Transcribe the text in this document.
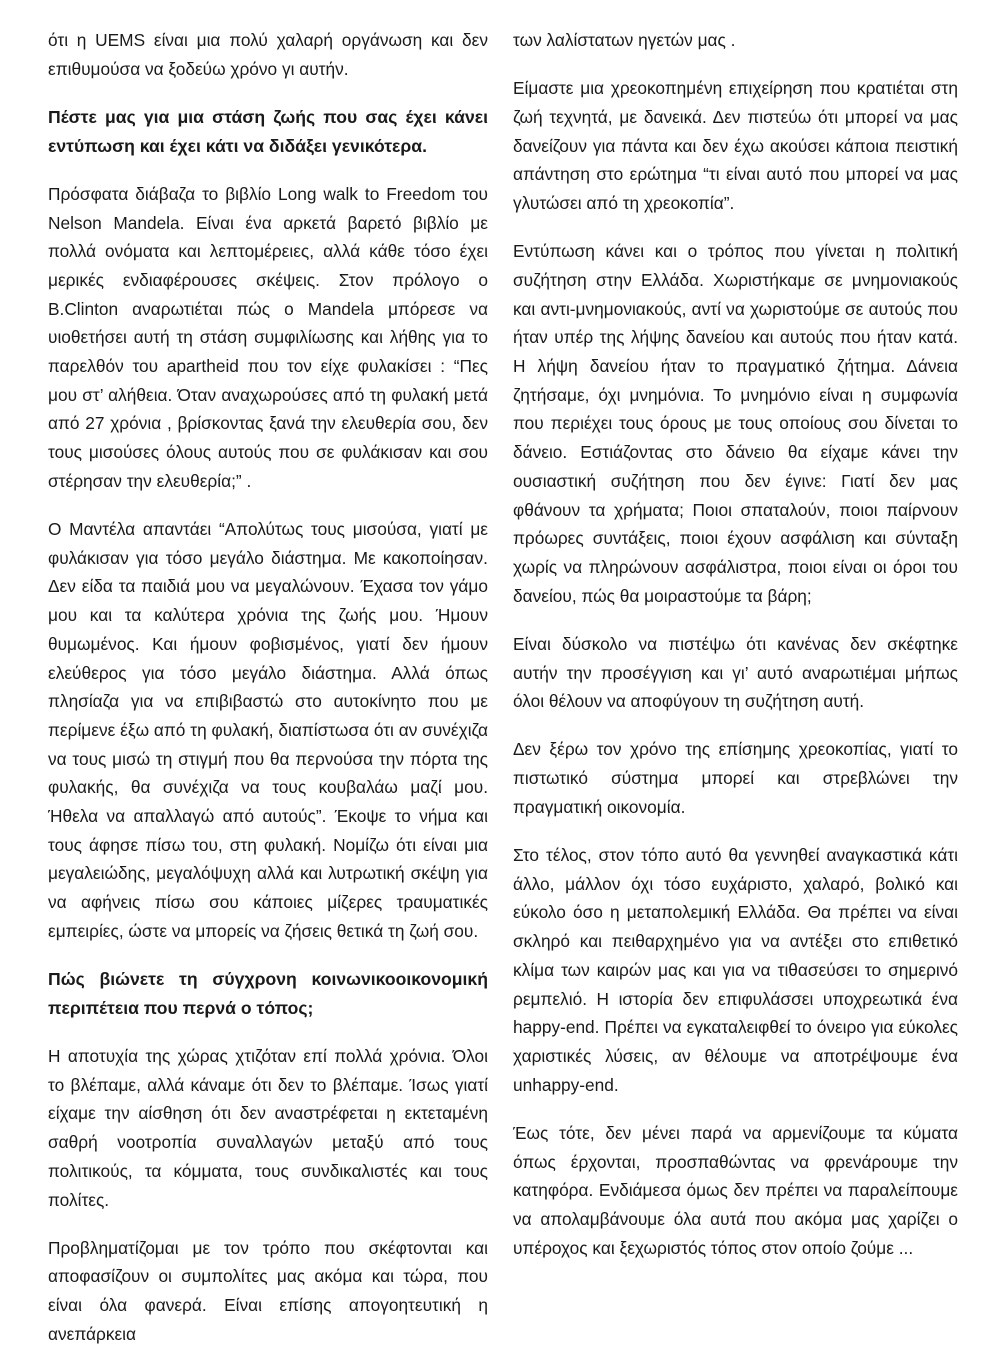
ότι η UEMS είναι μια πολύ χαλαρή οργάνωση και δεν επιθυμούσα να ξοδεύω χρόνο γι αυτήν.

Πέστε μας για μια στάση ζωής που σας έχει κάνει εντύπωση και έχει κάτι να διδάξει γενικότερα.

Πρόσφατα διάβαζα το βιβλίο Long walk to Freedom του Nelson Mandela. Είναι ένα αρκετά βαρετό βιβλίο με πολλά ονόματα και λεπτομέρειες, αλλά κάθε τόσο έχει μερικές ενδιαφέρουσες σκέψεις. Στον πρόλογο ο B.Clinton αναρωτιέται πώς ο Mandela μπόρεσε να υιοθετήσει αυτή τη στάση συμφιλίωσης και λήθης για το παρελθόν του apartheid που τον είχε φυλακίσει : “Πες μου στ’ αλήθεια. Όταν αναχωρούσες από τη φυλακή μετά από 27 χρόνια , βρίσκοντας ξανά την ελευθερία σου, δεν τους μισούσες όλους αυτούς που σε φυλάκισαν και σου στέρησαν την ελευθερία;” .

Ο Μαντέλα απαντάει “Απολύτως τους μισούσα, γιατί με φυλάκισαν για τόσο μεγάλο διάστημα. Με κακοποίησαν. Δεν είδα τα παιδιά μου να μεγαλώνουν. Έχασα τον γάμο μου και τα καλύτερα χρόνια της ζωής μου. Ήμουν θυμωμένος. Και ήμουν φοβισμένος, γιατί δεν ήμουν ελεύθερος για τόσο μεγάλο διάστημα. Αλλά όπως πλησίαζα για να επιβιβαστώ στο αυτοκίνητο που με περίμενε έξω από τη φυλακή, διαπίστωσα ότι αν συνέχιζα να τους μισώ τη στιγμή που θα περνούσα την πόρτα της φυλακής, θα συνέχιζα να τους κουβαλάω μαζί μου. Ήθελα να απαλλαγώ από αυτούς”. Έκοψε το νήμα και τους άφησε πίσω του, στη φυλακή. Νομίζω ότι είναι μια μεγαλειώδης, μεγαλόψυχη αλλά και λυτρωτική σκέψη για να αφήνεις πίσω σου κάποιες μίζερες τραυματικές εμπειρίες, ώστε να μπορείς να ζήσεις θετικά τη ζωή σου.

Πώς βιώνετε τη σύγχρονη κοινωνικοοικονομική περιπέτεια που περνά ο τόπος;

Η αποτυχία της χώρας χτιζόταν επί πολλά χρόνια. Όλοι το βλέπαμε, αλλά κάναμε ότι δεν το βλέπαμε. Ίσως γιατί είχαμε την αίσθηση ότι δεν αναστρέφεται η εκτεταμένη σαθρή νοοτροπία συναλλαγών μεταξύ από τους πολιτικούς, τα κόμματα, τους συνδικαλιστές και τους πολίτες.

Προβληματίζομαι με τον τρόπο που σκέφτονται και αποφασίζουν οι συμπολίτες μας ακόμα και τώρα, που είναι όλα φανερά. Είναι επίσης απογοητευτική η ανεπάρκεια

των λαλίστατων ηγετών μας .

Είμαστε μια χρεοκοπημένη επιχείρηση που κρατιέται στη ζωή τεχνητά, με δανεικά. Δεν πιστεύω ότι μπορεί να μας δανείζουν για πάντα και δεν έχω ακούσει κάποια πειστική απάντηση στο ερώτημα “τι είναι αυτό που μπορεί να μας γλυτώσει από τη χρεοκοπία”.

Εντύπωση κάνει και ο τρόπος που γίνεται η πολιτική συζήτηση στην Ελλάδα. Χωριστήκαμε σε μνημονιακούς και αντι-μνημονιακούς, αντί να χωριστούμε σε αυτούς που ήταν υπέρ της λήψης δανείου και αυτούς που ήταν κατά. Η λήψη δανείου ήταν το πραγματικό ζήτημα. Δάνεια ζητήσαμε, όχι μνημόνια. Το μνημόνιο είναι η συμφωνία που περιέχει τους όρους με τους οποίους σου δίνεται το δάνειο. Εστιάζοντας στο δάνειο θα είχαμε κάνει την ουσιαστική συζήτηση που δεν έγινε: Γιατί δεν μας φθάνουν τα χρήματα; Ποιοι σπαταλούν, ποιοι παίρνουν πρόωρες συντάξεις, ποιοι έχουν ασφάλιση και σύνταξη χωρίς να πληρώνουν ασφάλιστρα, ποιοι είναι οι όροι του δανείου, πώς θα μοιραστούμε τα βάρη;

Είναι δύσκολο να πιστέψω ότι κανένας δεν σκέφτηκε αυτήν την προσέγγιση και γι’ αυτό αναρωτιέμαι μήπως όλοι θέλουν να αποφύγουν τη συζήτηση αυτή.

Δεν ξέρω τον χρόνο της επίσημης χρεοκοπίας, γιατί το πιστωτικό σύστημα μπορεί και στρεβλώνει την πραγματική οικονομία.

Στο τέλος, στον τόπο αυτό θα γεννηθεί αναγκαστικά κάτι άλλο, μάλλον όχι τόσο ευχάριστο, χαλαρό, βολικό και εύκολο όσο η μεταπολεμική Ελλάδα. Θα πρέπει να είναι σκληρό και πειθαρχημένο για να αντέξει στο επιθετικό κλίμα των καιρών μας και για να τιθασεύσει το σημερινό ρεμπελιό. Η ιστορία δεν επιφυλάσσει υποχρεωτικά ένα happy-end. Πρέπει να εγκαταλειφθεί το όνειρο για εύκολες χαριστικές λύσεις, αν θέλουμε να αποτρέψουμε ένα unhappy-end.

Έως τότε, δεν μένει παρά να αρμενίζουμε τα κύματα όπως έρχονται, προσπαθώντας να φρενάρουμε την κατηφόρα. Ενδιάμεσα όμως δεν πρέπει να παραλείπουμε να απολαμβάνουμε όλα αυτά που ακόμα μας χαρίζει ο υπέροχος και ξεχωριστός τόπος στον οποίο ζούμε ...
